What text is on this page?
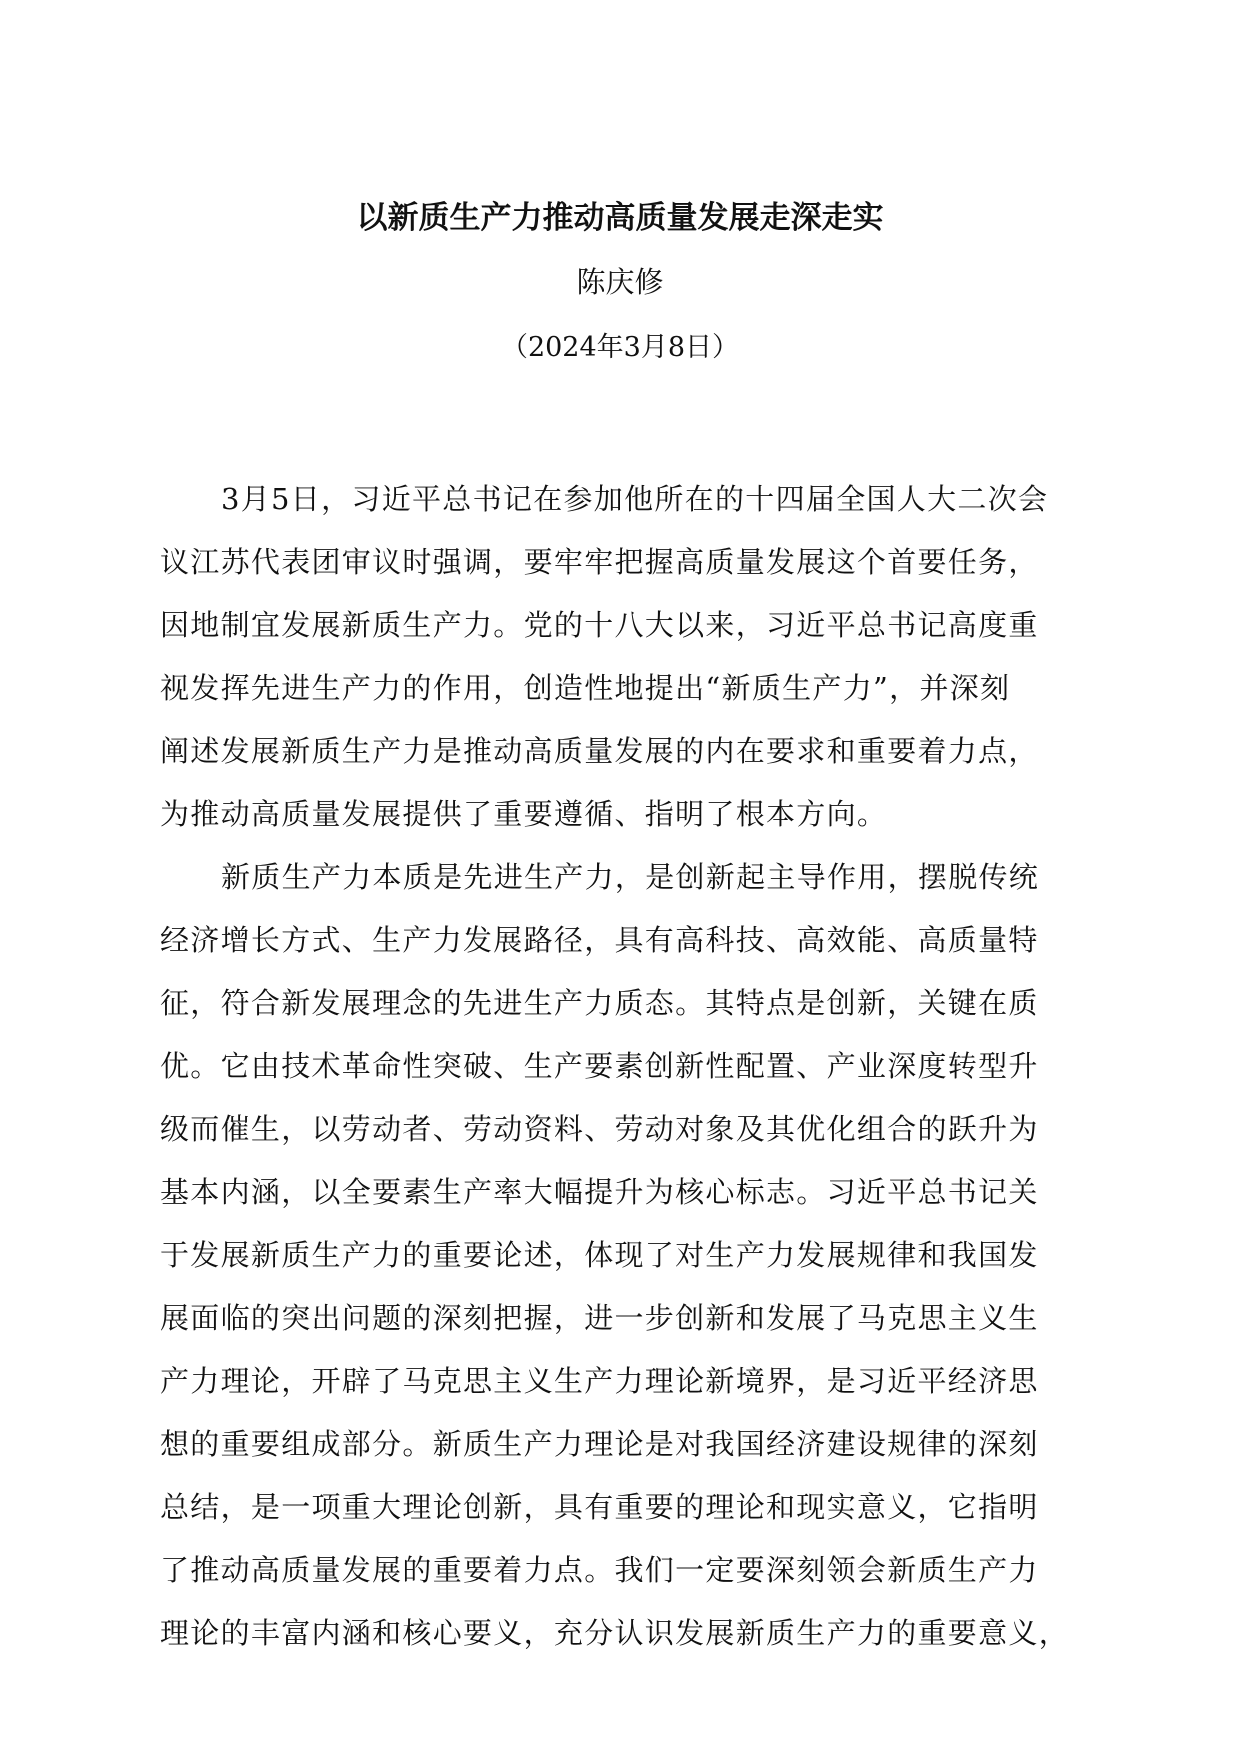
以新质生产力推动高质量发展走深走实
陈庆修
（2024年3月8日）
3月5日，习近平总书记在参加他所在的十四届全国人大二次会
议江苏代表团审议时强调，要牢牢把握高质量发展这个首要任务，
因地制宜发展新质生产力。党的十八大以来，习近平总书记高度重
视发挥先进生产力的作用，创造性地提出“新质生产力”，并深刻
阐述发展新质生产力是推动高质量发展的内在要求和重要着力点，
为推动高质量发展提供了重要遵循、指明了根本方向。
新质生产力本质是先进生产力，是创新起主导作用，摆脱传统
经济增长方式、生产力发展路径，具有高科技、高效能、高质量特
征，符合新发展理念的先进生产力质态。其特点是创新，关键在质
优。它由技术革命性突破、生产要素创新性配置、产业深度转型升
级而催生，以劳动者、劳动资料、劳动对象及其优化组合的跃升为
基本内涵，以全要素生产率大幅提升为核心标志。习近平总书记关
于发展新质生产力的重要论述，体现了对生产力发展规律和我国发
展面临的突出问题的深刻把握，进一步创新和发展了马克思主义生
产力理论，开辟了马克思主义生产力理论新境界，是习近平经济思
想的重要组成部分。新质生产力理论是对我国经济建设规律的深刻
总结，是一项重大理论创新，具有重要的理论和现实意义，它指明
了推动高质量发展的重要着力点。我们一定要深刻领会新质生产力
理论的丰富内涵和核心要义，充分认识发展新质生产力的重要意义，
